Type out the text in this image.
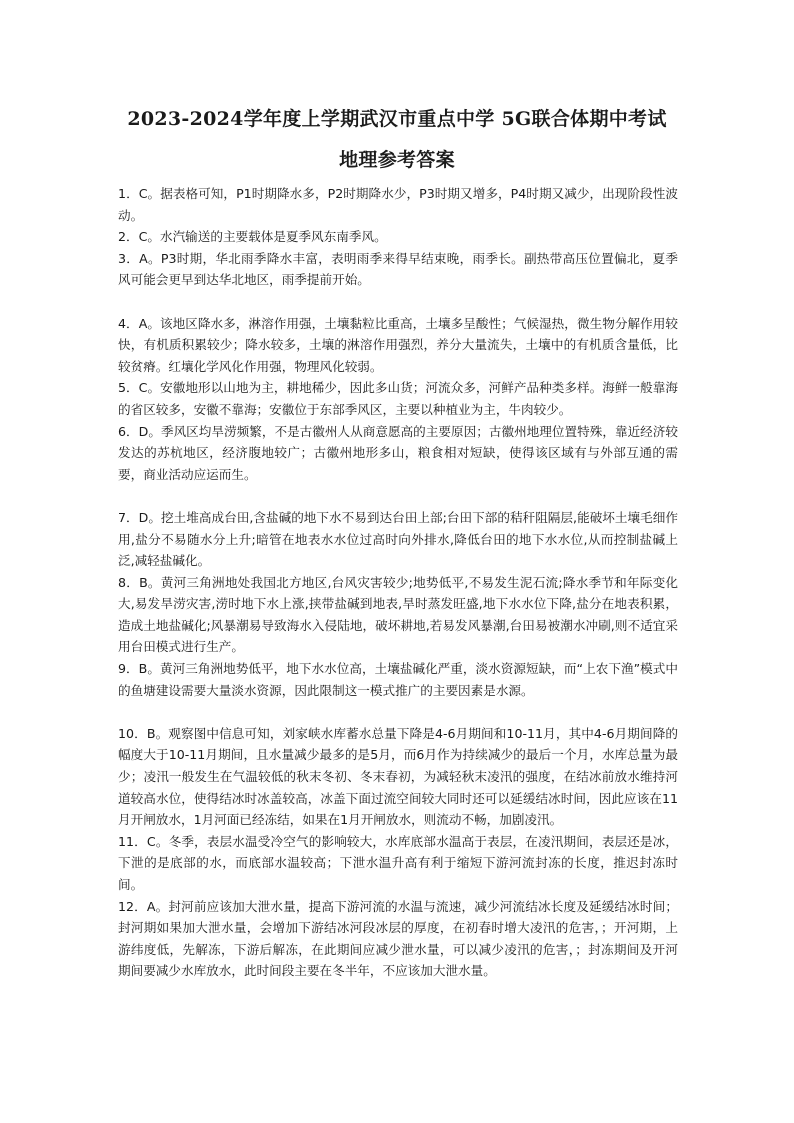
2023-2024学年度上学期武汉市重点中学 5G联合体期中考试
地理参考答案

1．C。据表格可知，P1时期降水多，P2时期降水少，P3时期又增多，P4时期又减少，出现阶段性波动。

2．C。水汽输送的主要载体是夏季风东南季风。

3．A。P3时期，华北雨季降水丰富，表明雨季来得早结束晚，雨季长。副热带高压位置偏北，夏季风可能会更早到达华北地区，雨季提前开始。

4．A。该地区降水多，淋溶作用强，土壤黏粒比重高，土壤多呈酸性；气候湿热，微生物分解作用较快，有机质积累较少；降水较多，土壤的淋溶作用强烈，养分大量流失，土壤中的有机质含量低，比较贫瘠。红壤化学风化作用强，物理风化较弱。

5．C。安徽地形以山地为主，耕地稀少，因此多山货；河流众多，河鲜产品种类多样。海鲜一般靠海的省区较多，安徽不靠海；安徽位于东部季风区，主要以种植业为主，牛肉较少。

6．D。季风区均旱涝频繁，不是古徽州人从商意愿高的主要原因；古徽州地理位置特殊，靠近经济较发达的苏杭地区，经济腹地较广；古徽州地形多山，粮食相对短缺，使得该区域有与外部互通的需要，商业活动应运而生。

7．D。挖土堆高成台田,含盐碱的地下水不易到达台田上部;台田下部的秸秆阻隔层,能破坏土壤毛细作用,盐分不易随水分上升;暗管在地表水水位过高时向外排水,降低台田的地下水水位,从而控制盐碱上泛,减轻盐碱化。

8．B。黄河三角洲地处我国北方地区,台风灾害较少;地势低平,不易发生泥石流;降水季节和年际变化大,易发旱涝灾害,涝时地下水上涨,挟带盐碱到地表,旱时蒸发旺盛,地下水水位下降,盐分在地表积累，造成土地盐碱化;风暴潮易导致海水入侵陆地，破坏耕地,若易发风暴潮,台田易被潮水冲刷,则不适宜采用台田模式进行生产。

9．B。黄河三角洲地势低平，地下水水位高，土壤盐碱化严重，淡水资源短缺，而“上农下渔”模式中的鱼塘建设需要大量淡水资源，因此限制这一模式推广的主要因素是水源。

10．B。观察图中信息可知，刘家峡水库蓄水总量下降是4-6月期间和10-11月，其中4-6月期间降的幅度大于10-11月期间，且水量减少最多的是5月，而6月作为持续减少的最后一个月，水库总量为最少；凌汛一般发生在气温较低的秋末冬初、冬末春初，为减轻秋末凌汛的强度，在结冰前放水维持河道较高水位，使得结冰时冰盖较高，冰盖下面过流空间较大同时还可以延缓结冰时间，因此应该在11月开闸放水，1月河面已经冻结，如果在1月开闸放水，则流动不畅，加剧凌汛。

11．C。冬季，表层水温受冷空气的影响较大，水库底部水温高于表层，在凌汛期间，表层还是冰，下泄的是底部的水，而底部水温较高；下泄水温升高有利于缩短下游河流封冻的长度，推迟封冻时间。

12．A。封河前应该加大泄水量，提高下游河流的水温与流速，减少河流结冰长度及延缓结冰时间；封河期如果加大泄水量，会增加下游结冰河段冰层的厚度，在初春时增大凌汛的危害，；开河期，上游纬度低，先解冻，下游后解冻，在此期间应减少泄水量，可以减少凌汛的危害，；封冻期间及开河期间要减少水库放水，此时间段主要在冬半年，不应该加大泄水量。
